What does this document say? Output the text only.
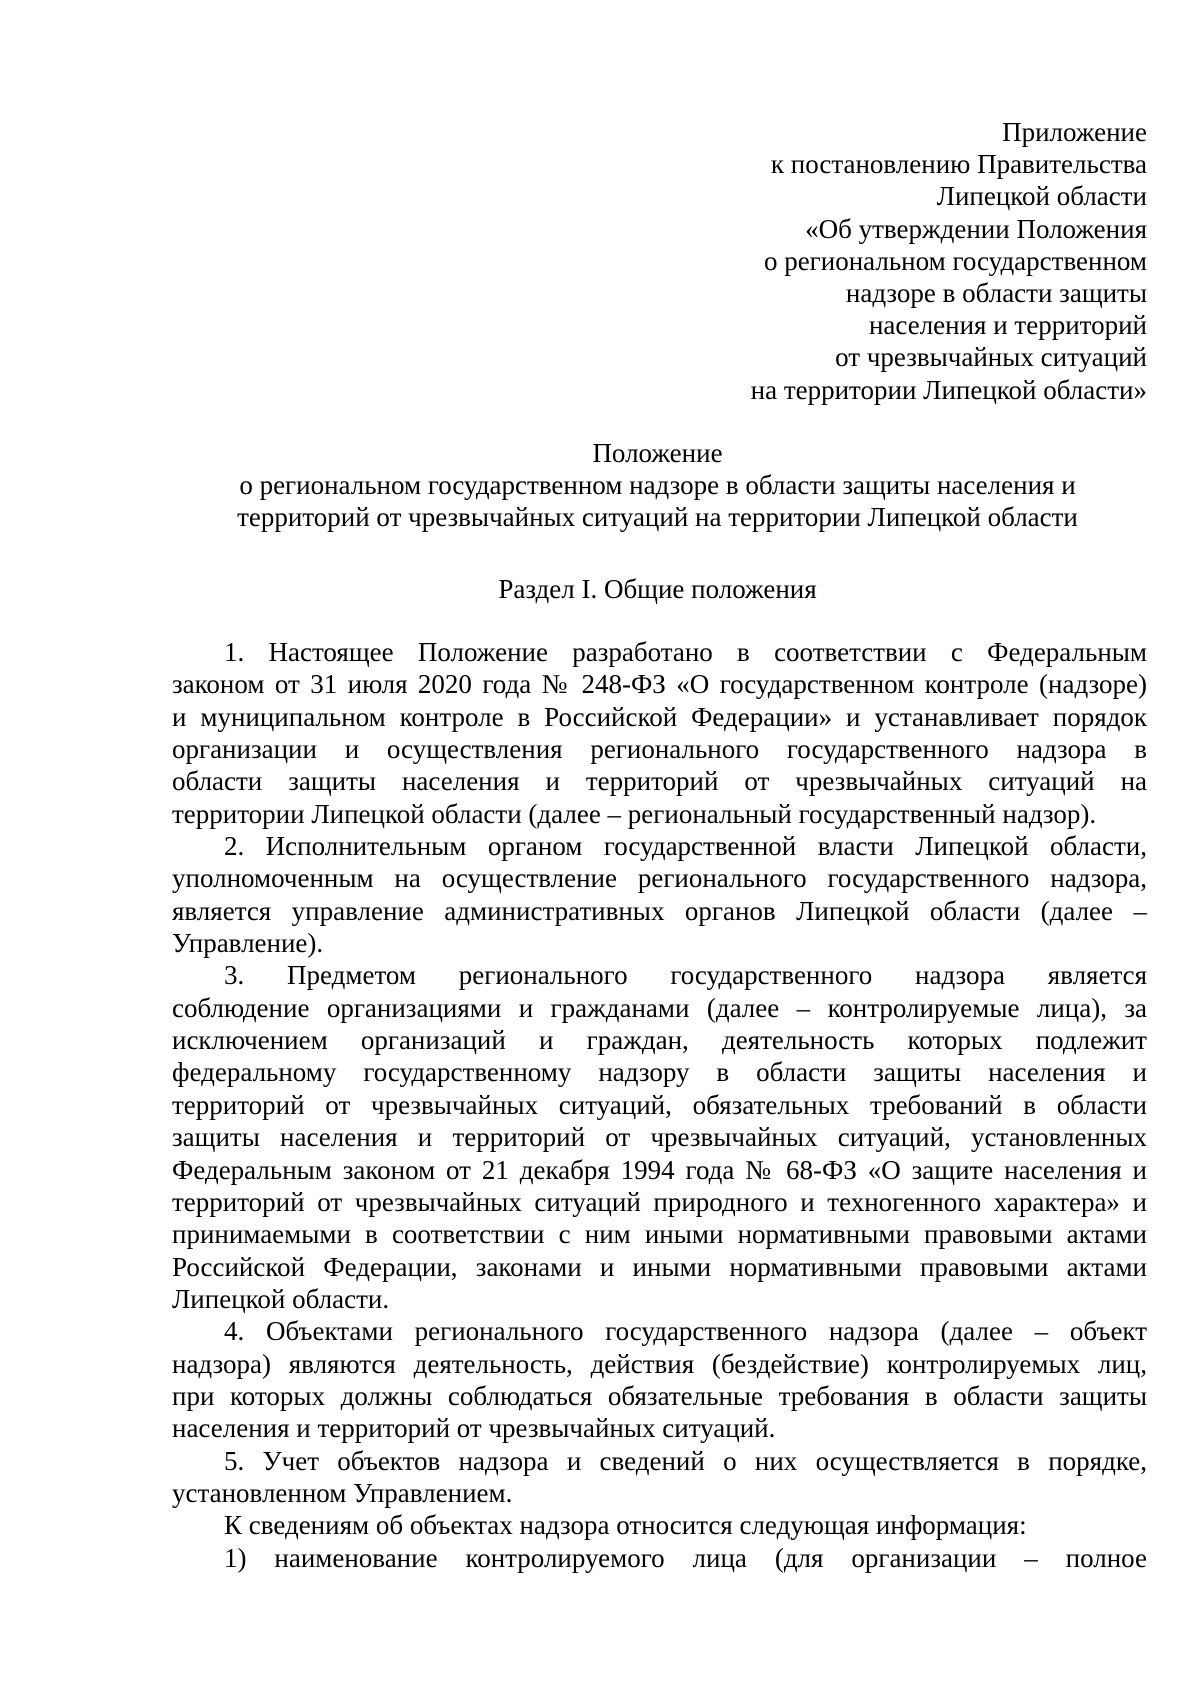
Приложение
к постановлению Правительства
Липецкой области
«Об утверждении Положения
о региональном государственном
надзоре в области защиты
населения и территорий
от чрезвычайных ситуаций
на территории Липецкой области»
Положение
о региональном государственном надзоре в области защиты населения и
территорий от чрезвычайных ситуаций на территории Липецкой области
Раздел I. Общие положения
1. Настоящее Положение разработано в соответствии с Федеральным
законом от 31 июля 2020 года № 248-ФЗ «О государственном контроле (надзоре)
и муниципальном контроле в Российской Федерации» и устанавливает порядок
организации и осуществления регионального государственного надзора в
области защиты населения и территорий от чрезвычайных ситуаций на
территории Липецкой области (далее – региональный государственный надзор).
2. Исполнительным органом государственной власти Липецкой области,
уполномоченным на осуществление регионального государственного надзора,
является управление административных органов Липецкой области (далее –
Управление).
3. Предметом регионального государственного надзора является
соблюдение организациями и гражданами (далее – контролируемые лица), за
исключением организаций и граждан, деятельность которых подлежит
федеральному государственному надзору в области защиты населения и
территорий от чрезвычайных ситуаций, обязательных требований в области
защиты населения и территорий от чрезвычайных ситуаций, установленных
Федеральным законом от 21 декабря 1994 года № 68-ФЗ «О защите населения и
территорий от чрезвычайных ситуаций природного и техногенного характера» и
принимаемыми в соответствии с ним иными нормативными правовыми актами
Российской Федерации, законами и иными нормативными правовыми актами
Липецкой области.
4. Объектами регионального государственного надзора (далее – объект
надзора) являются деятельность, действия (бездействие) контролируемых лиц,
при которых должны соблюдаться обязательные требования в области защиты
населения и территорий от чрезвычайных ситуаций.
5. Учет объектов надзора и сведений о них осуществляется в порядке,
установленном Управлением.
К сведениям об объектах надзора относится следующая информация:
1) наименование контролируемого лица (для организации – полное
